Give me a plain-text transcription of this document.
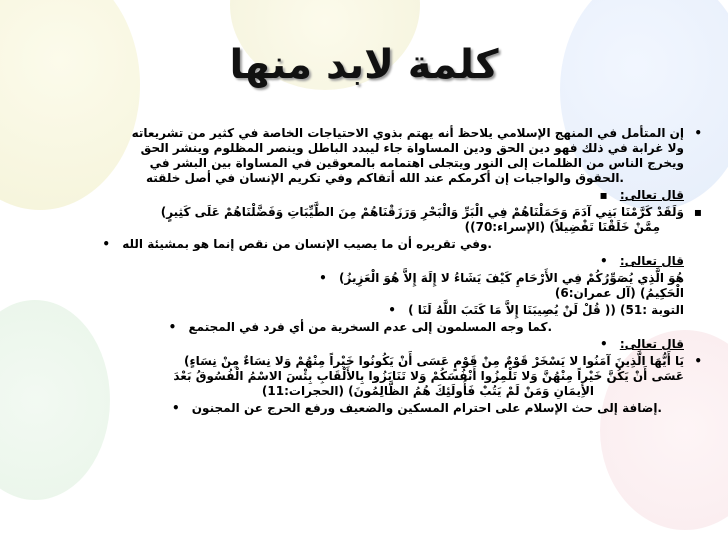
كلمة لابد منها
•
إن المتأمل في المنهج الإسلامي يلاحظ أنه يهتم بذوي الاحتياجات الخاصة في كثير من تشريعاته
ولا غرابة في ذلك فهو دين الحق ودين المساواة جاء ليبدد الباطل وينصر المظلوم وينشر الحق
ويخرج الناس من الظلمات إلى النور ويتجلى اهتمامه بالمعوقين في المساواة بين البشر في
.الحقوق والواجبات إن أكرمكم عند الله أتقاكم وفي تكريم الإنسان في أصل خلقته
قال تعالى: ▪
▪
وَلَقَدْ كَرَّمْنَا بَنِي آدَمَ وَحَمَلْنَاهُمْ فِي الْبَرِّ وَالْبَحْرِ وَرَزَقْنَاهُمْ مِنَ الطَّيِّبَاتِ وَفَضَّلْنَاهُمْ عَلَى كَثِيرٍ)
مِمَّنْ خَلَقْنَا تَفْضِيلاً) (الإسراء:70))
.وفي تقريره أن ما يصيب الإنسان من نقص إنما هو بمشيئة الله •
قال تعالى: •
هُوَ الَّذِي يُصَوِّرُكُمْ فِي الأَرْحَامِ كَيْفَ يَشَاءُ لا إِلَهَ إِلاَّ هُوَ الْعَزِيزُ) •
الْحَكِيمُ) (آل عمران:6)
التوبة :51) (( قُلْ لَنْ يُصِيبَنَا إِلاَّ مَا كَتَبَ اللَّهُ لَنَا ) •
.كما وجه المسلمون إلى عدم السخرية من أي فرد في المجتمع •
قال تعالى: •
•
يَا أَيُّهَا الَّذِينَ آمَنُوا لا يَسْخَرْ قَوْمٌ مِنْ قَوْمٍ عَسَى أَنْ يَكُونُوا خَيْراً مِنْهُمْ وَلا نِسَاءٌ مِنْ نِسَاءٍ)
عَسَى أَنْ يَكُنَّ خَيْراً مِنْهُنَّ وَلا تَلْمِزُوا أَنْفُسَكُمْ وَلا تَنَابَزُوا بِالأَلْقَابِ بِئْسَ الاسْمُ الْفُسُوقُ بَعْدَ
الأِيمَانِ وَمَنْ لَمْ يَتُبْ فَأُولَئِكَ هُمُ الظَّالِمُونَ) (الحجرات:11)
.إضافة إلى حث الإسلام على احترام المسكين والضعيف ورفع الحرج عن المجنون •
